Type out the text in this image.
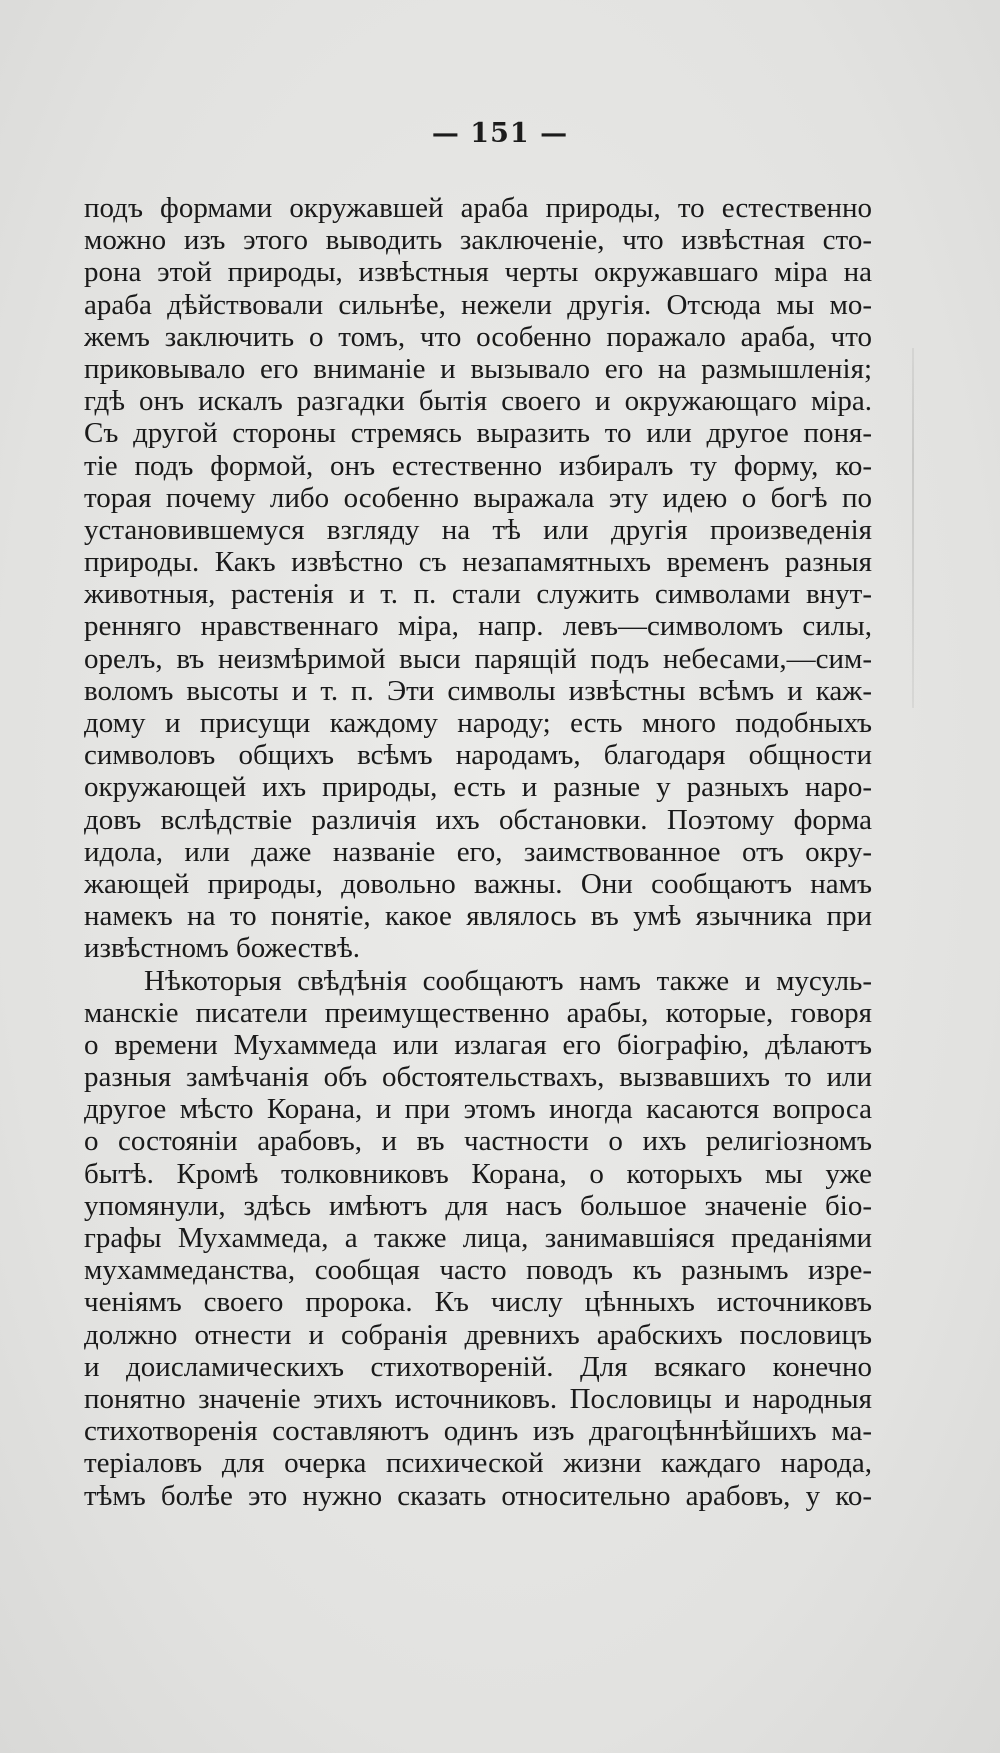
— 151 —
подъ формами окружавшей араба природы, то естественно
можно изъ этого выводить заключенiе, что извѣстная сто-
рона этой природы, извѣстныя черты окружавшаго мiра на
араба дѣйствовали сильнѣе, нежели другiя. Отсюда мы мо-
жемъ заключить о томъ, что особенно поражало араба, что
приковывало его вниманiе и вызывало его на размышленiя;
гдѣ онъ искалъ разгадки бытiя своего и окружающаго мiра.
Съ другой стороны стремясь выразить то или другое поня-
тiе подъ формой, онъ естественно избиралъ ту форму, ко-
торая почему либо особенно выражала эту идею о богѣ по
установившемуся взгляду на тѣ или другiя произведенiя
природы. Какъ извѣстно съ незапамятныхъ временъ разныя
животныя, растенiя и т. п. стали служить символами внут-
ренняго нравственнаго мiра, напр. левъ—символомъ силы,
орелъ, въ неизмѣримой выси парящiй подъ небесами,—сим-
воломъ высоты и т. п. Эти символы извѣстны всѣмъ и каж-
дому и присущи каждому народу; есть много подобныхъ
символовъ общихъ всѣмъ народамъ, благодаря общности
окружающей ихъ природы, есть и разные у разныхъ наро-
довъ вслѣдствiе различiя ихъ обстановки. Поэтому форма
идола, или даже названiе его, заимствованное отъ окру-
жающей природы, довольно важны. Они сообщаютъ намъ
намекъ на то понятiе, какое являлось въ умѣ язычника при
извѣстномъ божествѣ.
Нѣкоторыя свѣдѣнiя сообщаютъ намъ также и мусуль-
манскiе писатели преимущественно арабы, которые, говоря
о времени Мухаммеда или излагая его бiографiю, дѣлаютъ
разныя замѣчанiя объ обстоятельствахъ, вызвавшихъ то или
другое мѣсто Корана, и при этомъ иногда касаются вопроса
о состоянiи арабовъ, и въ частности о ихъ религiозномъ
бытѣ. Кромѣ толковниковъ Корана, о которыхъ мы уже
упомянули, здѣсь имѣютъ для насъ большое значенiе бiо-
графы Мухаммеда, а также лица, занимавшiяся преданiями
мухаммеданства, сообщая часто поводъ къ разнымъ изре-
ченiямъ своего пророка. Къ числу цѣнныхъ источниковъ
должно отнести и собранiя древнихъ арабскихъ пословицъ
и доисламическихъ стихотворенiй. Для всякаго конечно
понятно значенiе этихъ источниковъ. Пословицы и народныя
стихотворенiя составляютъ одинъ изъ драгоцѣннѣйшихъ ма-
терiаловъ для очерка психической жизни каждаго народа,
тѣмъ болѣе это нужно сказать относительно арабовъ, у ко-
